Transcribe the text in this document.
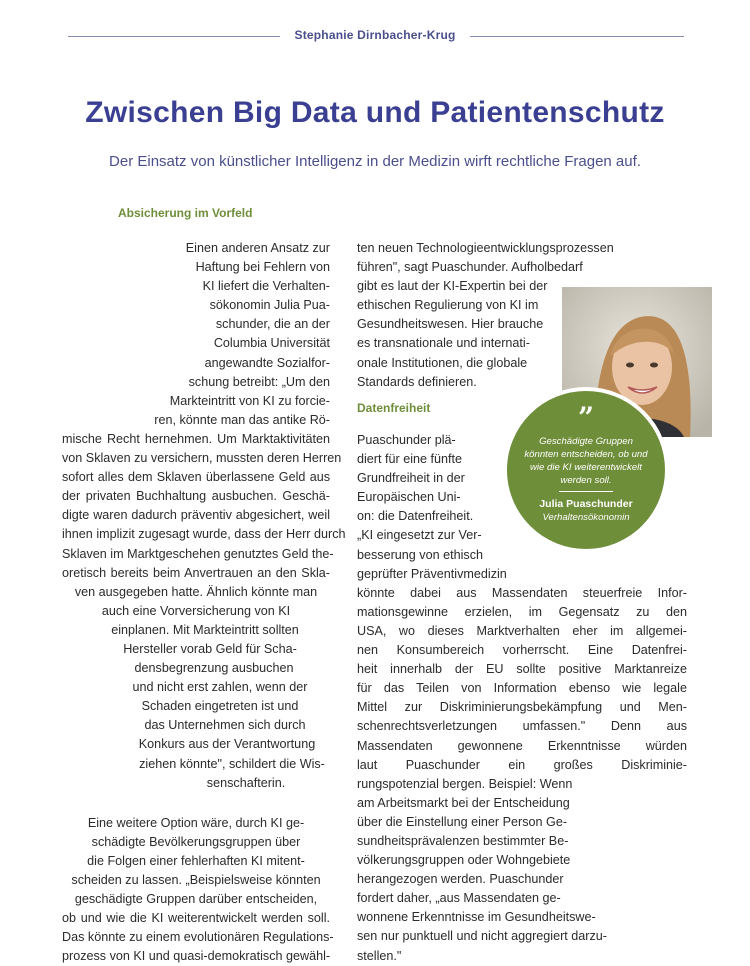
Stephanie Dirnbacher-Krug
Zwischen Big Data und Patientenschutz
Der Einsatz von künstlicher Intelligenz in der Medizin wirft rechtliche Fragen auf.
Absicherung im Vorfeld
Einen anderen Ansatz zur
Haftung bei Fehlern von
KI liefert die Verhalten-
sökonomin Julia Pua-
schunder, die an der
Columbia Universität
angewandte Sozialfor-
schung betreibt: „Um den
Markteintritt von KI zu forcie-
ren, könnte man das antike Rö-
mische Recht hernehmen. Um Marktaktivitäten
von Sklaven zu versichern, mussten deren Herren
sofort alles dem Sklaven überlassene Geld aus
der privaten Buchhaltung ausbuchen. Geschä-
digte waren dadurch präventiv abgesichert, weil
ihnen implizit zugesagt wurde, dass der Herr durch
Sklaven im Marktgeschehen genutztes Geld the-
oretisch bereits beim Anvertrauen an den Skla-
ven ausgegeben hatte. Ähnlich könnte man
auch eine Vorversicherung von KI
einplanen. Mit Markteintritt sollten
Hersteller vorab Geld für Scha-
densbegrenzung ausbuchen
und nicht erst zahlen, wenn der
Schaden eingetreten ist und
das Unternehmen sich durch
Konkurs aus der Verantwortung
ziehen könnte", schildert die Wis-
senschafterin.
Eine weitere Option wäre, durch KI ge-
schädigte Bevölkerungsgruppen über
die Folgen einer fehlerhaften KI mitent-
scheiden zu lassen. „Beispielsweise könnten
geschädigte Gruppen darüber entscheiden,
ob und wie die KI weiterentwickelt werden soll.
Das könnte zu einem evolutionären Regulations-
prozess von KI und quasi-demokratisch gewähl-
ten neuen Technologieentwicklungsprozessen
führen", sagt Puaschunder. Aufholbedarf
gibt es laut der KI-Expertin bei der
ethischen Regulierung von KI im
Gesundheitswesen. Hier brauche
es transnationale und internati-
onale Institutionen, die globale
Standards definieren.
Datenfreiheit
Puaschunder plä-
diert für eine fünfte
Grundfreiheit in der
Europäischen Uni-
on: die Datenfreiheit.
„KI eingesetzt zur Ver-
besserung von ethisch
geprüfter Präventivmedizin
könnte dabei aus Massendaten steuerfreie Infor-
mationsgewinne erzielen, im Gegensatz zu den
USA, wo dieses Marktverhalten eher im allgemei-
nen Konsumbereich vorherrscht. Eine Datenfrei-
heit innerhalb der EU sollte positive Marktanreize
für das Teilen von Information ebenso wie legale
Mittel zur Diskriminierungsbekämpfung und Men-
schenrechtsverletzungen umfassen." Denn aus
Massendaten gewonnene Erkenntnisse würden
laut Puaschunder ein großes Diskriminie-
rungspotenzial bergen. Beispiel: Wenn
am Arbeitsmarkt bei der Entscheidung
über die Einstellung einer Person Ge-
sundheitsprävalenzen bestimmter Be-
völkerungsgruppen oder Wohngebiete
herangezogen werden. Puaschunder
fordert daher, „aus Massendaten ge-
wonnene Erkenntnisse im Gesundheitswe-
sen nur punktuell und nicht aggregiert darzu-
stellen."
”
Geschädigte Gruppen könnten entscheiden, ob und wie die KI weiterentwickelt werden soll.
Julia Puaschunder
Verhaltensökonomin
